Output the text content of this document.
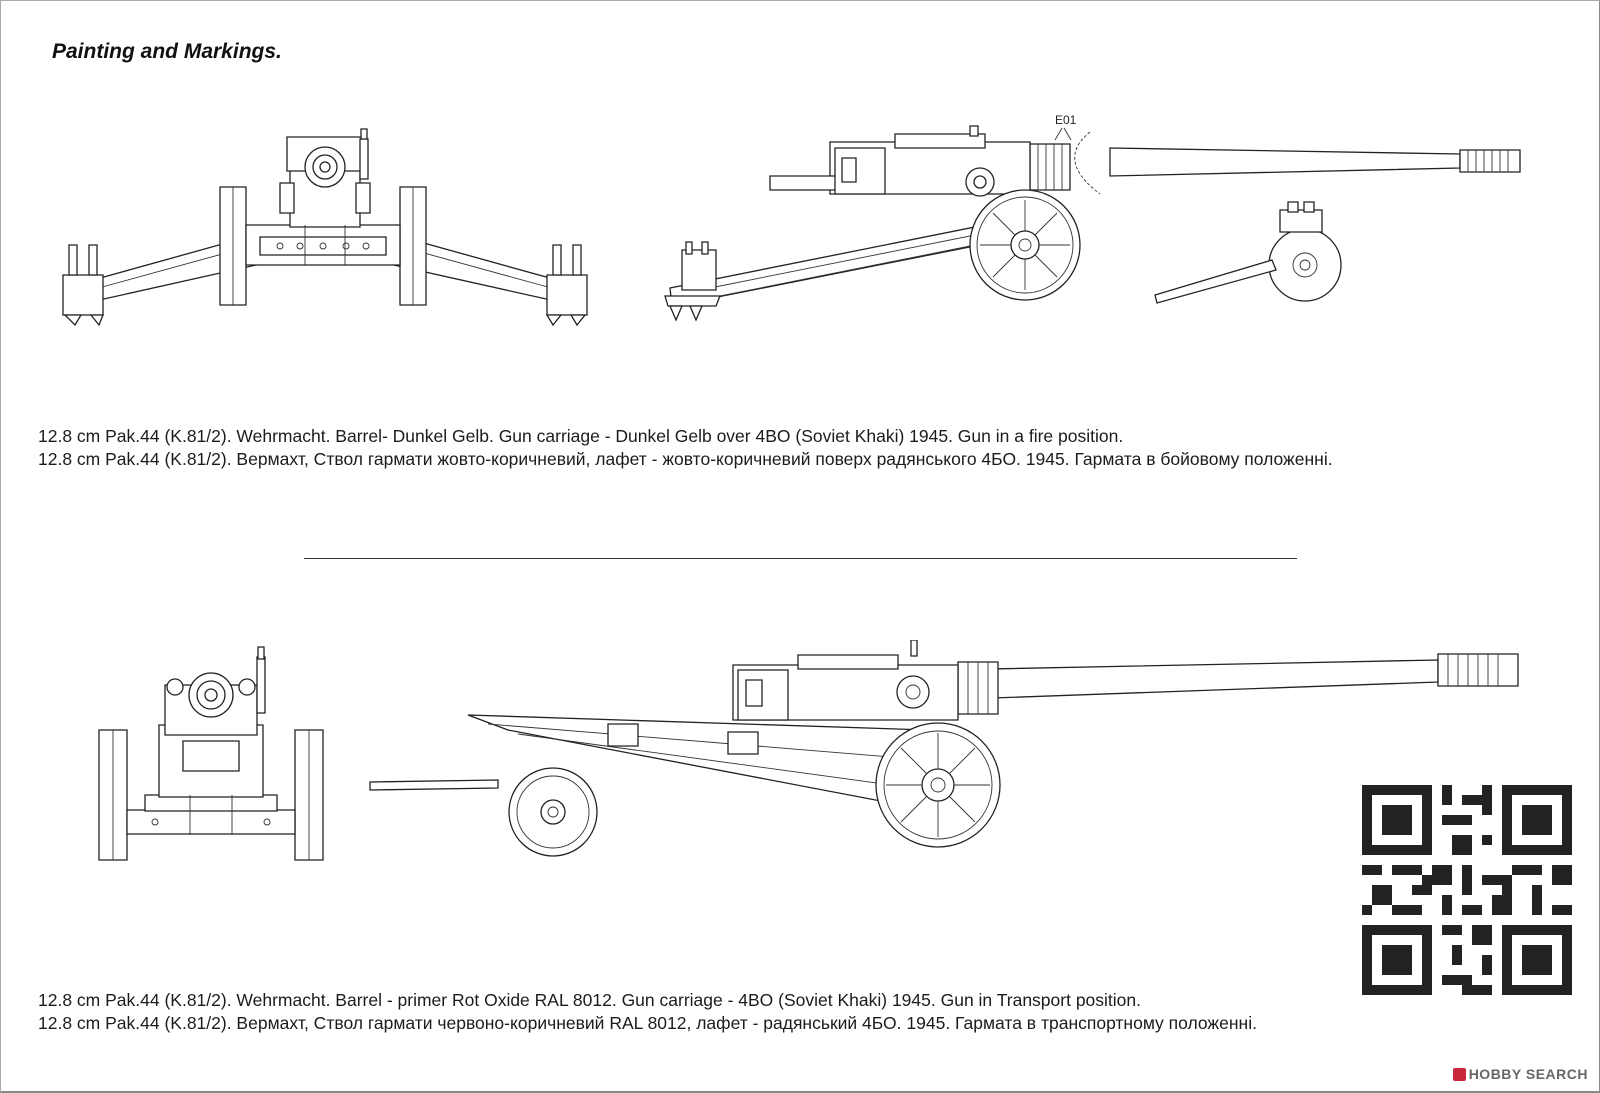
Painting and Markings.
E01
12.8 cm Pak.44 (K.81/2). Wehrmacht. Barrel- Dunkel Gelb. Gun carriage - Dunkel Gelb over 4BO (Soviet Khaki) 1945. Gun in a fire position.
12.8 cm Pak.44 (K.81/2). Вермахт, Ствол гармати жовто-коричневий, лафет - жовто-коричневий поверх радянського 4БО. 1945. Гармата в бойовому положенні.
12.8 cm Pak.44 (K.81/2). Wehrmacht. Barrel - primer Rot Oxide RAL 8012. Gun carriage - 4BO (Soviet Khaki) 1945. Gun in Transport position.
12.8 cm Pak.44 (K.81/2). Вермахт, Ствол гармати червоно-коричневий RAL 8012, лафет - радянський 4БО. 1945. Гармата в транспортному положенні.
HOBBY SEARCH
